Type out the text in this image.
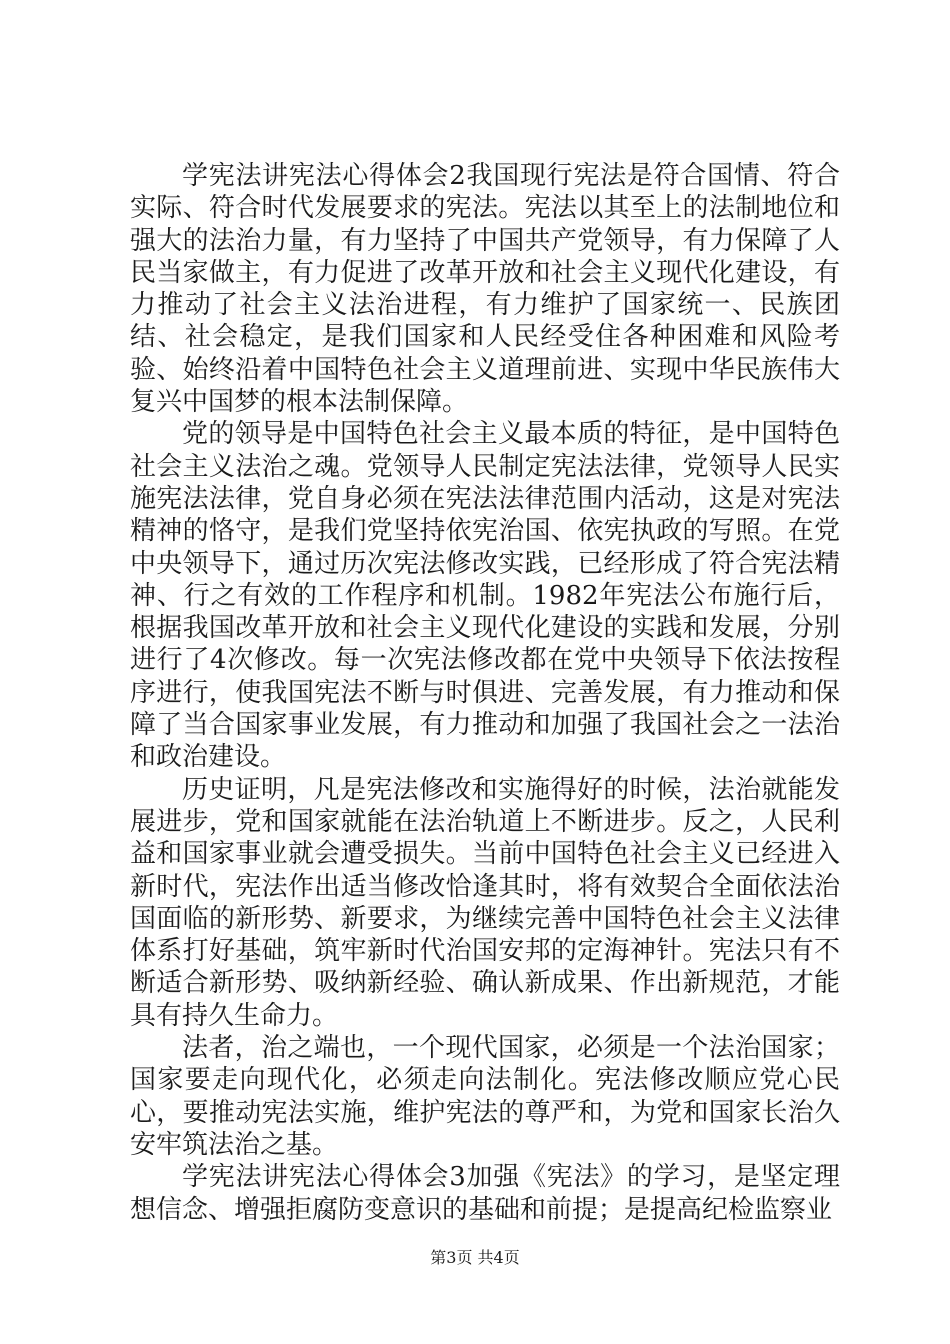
学宪法讲宪法心得体会2我国现行宪法是符合国情、符合实际、符合时代发展要求的宪法。宪法以其至上的法制地位和强大的法治力量，有力坚持了中国共产党领导，有力保障了人民当家做主，有力促进了改革开放和社会主义现代化建设，有力推动了社会主义法治进程，有力维护了国家统一、民族团结、社会稳定，是我们国家和人民经受住各种困难和风险考验、始终沿着中国特色社会主义道理前进、实现中华民族伟大复兴中国梦的根本法制保障。

党的领导是中国特色社会主义最本质的特征，是中国特色社会主义法治之魂。党领导人民制定宪法法律，党领导人民实施宪法法律，党自身必须在宪法法律范围内活动，这是对宪法精神的恪守，是我们党坚持依宪治国、依宪执政的写照。在党中央领导下，通过历次宪法修改实践，已经形成了符合宪法精神、行之有效的工作程序和机制。1982年宪法公布施行后，根据我国改革开放和社会主义现代化建设的实践和发展，分别进行了4次修改。每一次宪法修改都在党中央领导下依法按程序进行，使我国宪法不断与时俱进、完善发展，有力推动和保障了当合国家事业发展，有力推动和加强了我国社会之一法治和政治建设。

历史证明，凡是宪法修改和实施得好的时候，法治就能发展进步，党和国家就能在法治轨道上不断进步。反之，人民利益和国家事业就会遭受损失。当前中国特色社会主义已经进入新时代，宪法作出适当修改恰逢其时，将有效契合全面依法治国面临的新形势、新要求，为继续完善中国特色社会主义法律体系打好基础，筑牢新时代治国安邦的定海神针。宪法只有不断适合新形势、吸纳新经验、确认新成果、作出新规范，才能具有持久生命力。

法者，治之端也，一个现代国家，必须是一个法治国家；国家要走向现代化，必须走向法制化。宪法修改顺应党心民心，要推动宪法实施，维护宪法的尊严和，为党和国家长治久安牢筑法治之基。

学宪法讲宪法心得体会3加强《宪法》的学习，是坚定理想信念、增强拒腐防变意识的基础和前提；是提高纪检监察业

第3页 共4页
